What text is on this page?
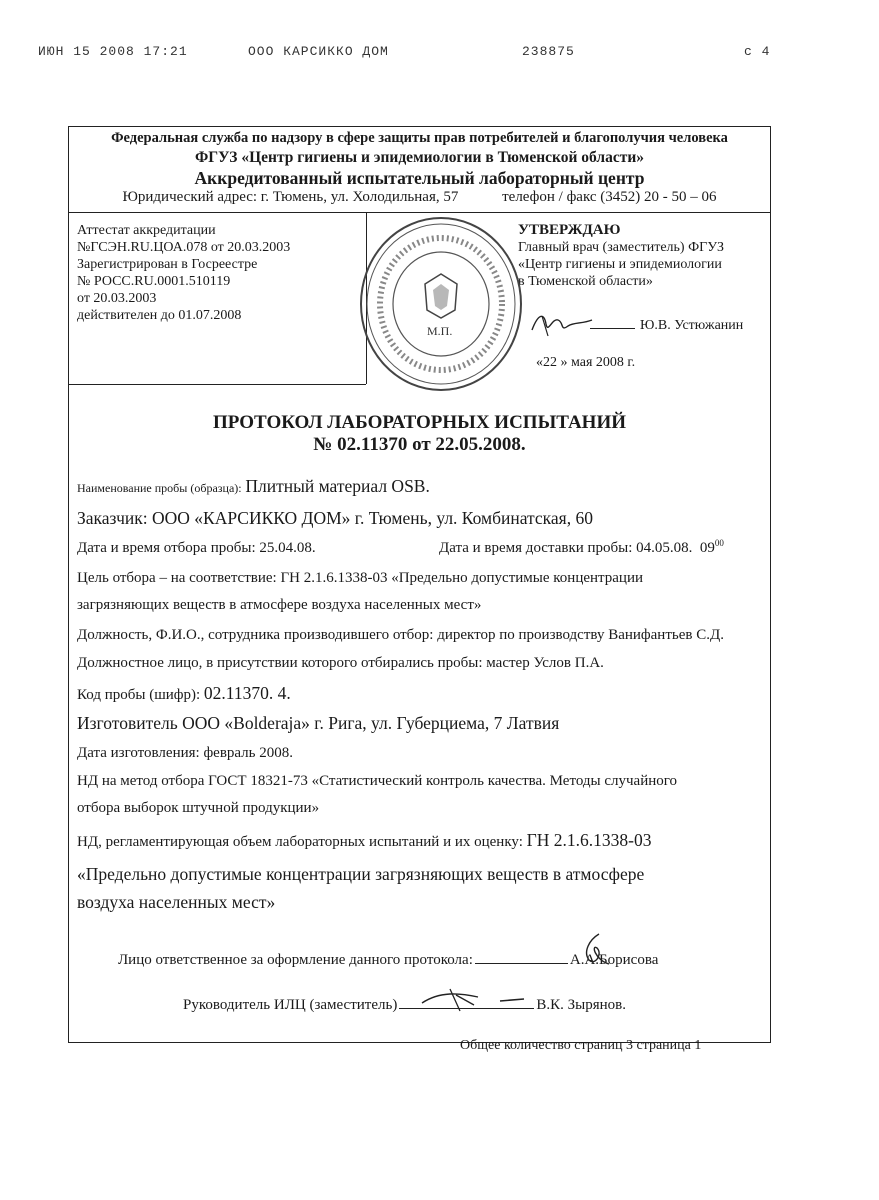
ИЮН 15 2008 17:21	ООО КАРСИККО ДОМ	238875	с 4
Федеральная служба по надзору в сфере защиты прав потребителей и благополучия человека
ФГУЗ «Центр гигиены и эпидемиологии в Тюменской области»
Аккредитованный испытательный лабораторный центр
Юридический адрес: г. Тюмень, ул. Холодильная, 57	телефон / факс (3452) 20 - 50 – 06
Аттестат аккредитации
№ГСЭН.RU.ЦОА.078 от 20.03.2003
Зарегистрирован в Госреестре
№ РОСС.RU.0001.510119
от 20.03.2003
действителен до 01.07.2008
УТВЕРЖДАЮ
Главный врач (заместитель) ФГУЗ
«Центр гигиены и эпидемиологии
в Тюменской области»
Ю.В. Устюжанин
«22 » мая 2008 г.
М.П.
ПРОТОКОЛ ЛАБОРАТОРНЫХ ИСПЫТАНИЙ
№ 02.11370 от 22.05.2008.
Наименование пробы (образца): Плитный материал OSB.
Заказчик: ООО «КАРСИККО ДОМ» г. Тюмень, ул. Комбинатская, 60
Дата и время отбора пробы: 25.04.08.	Дата и время доставки пробы: 04.05.08. $09^{00}$
Цель отбора – на соответствие: ГН 2.1.6.1338-03 «Предельно допустимые концентрации
загрязняющих веществ в атмосфере воздуха населенных мест»
Должность, Ф.И.О., сотрудника производившего отбор: директор по производству Ванифантьев С.Д.
Должностное лицо, в присутствии которого отбирались пробы: мастер Услов П.А.
Код пробы (шифр): 02.11370. 4.
Изготовитель ООО «Bolderaja» г. Рига, ул. Губерциема, 7 Латвия
Дата изготовления: февраль 2008.
НД на метод отбора ГОСТ 18321-73 «Статистический контроль качества. Методы случайного
отбора выборок штучной продукции»
НД, регламентирующая объем лабораторных испытаний и их оценку: ГН 2.1.6.1338-03
«Предельно допустимые концентрации загрязняющих веществ в атмосфере
воздуха населенных мест»
Лицо ответственное за оформление данного протокола:	А.А.Борисова
Руководитель ИЛЦ (заместитель)	В.К. Зырянов.
Общее количество страниц 3 страница 1
